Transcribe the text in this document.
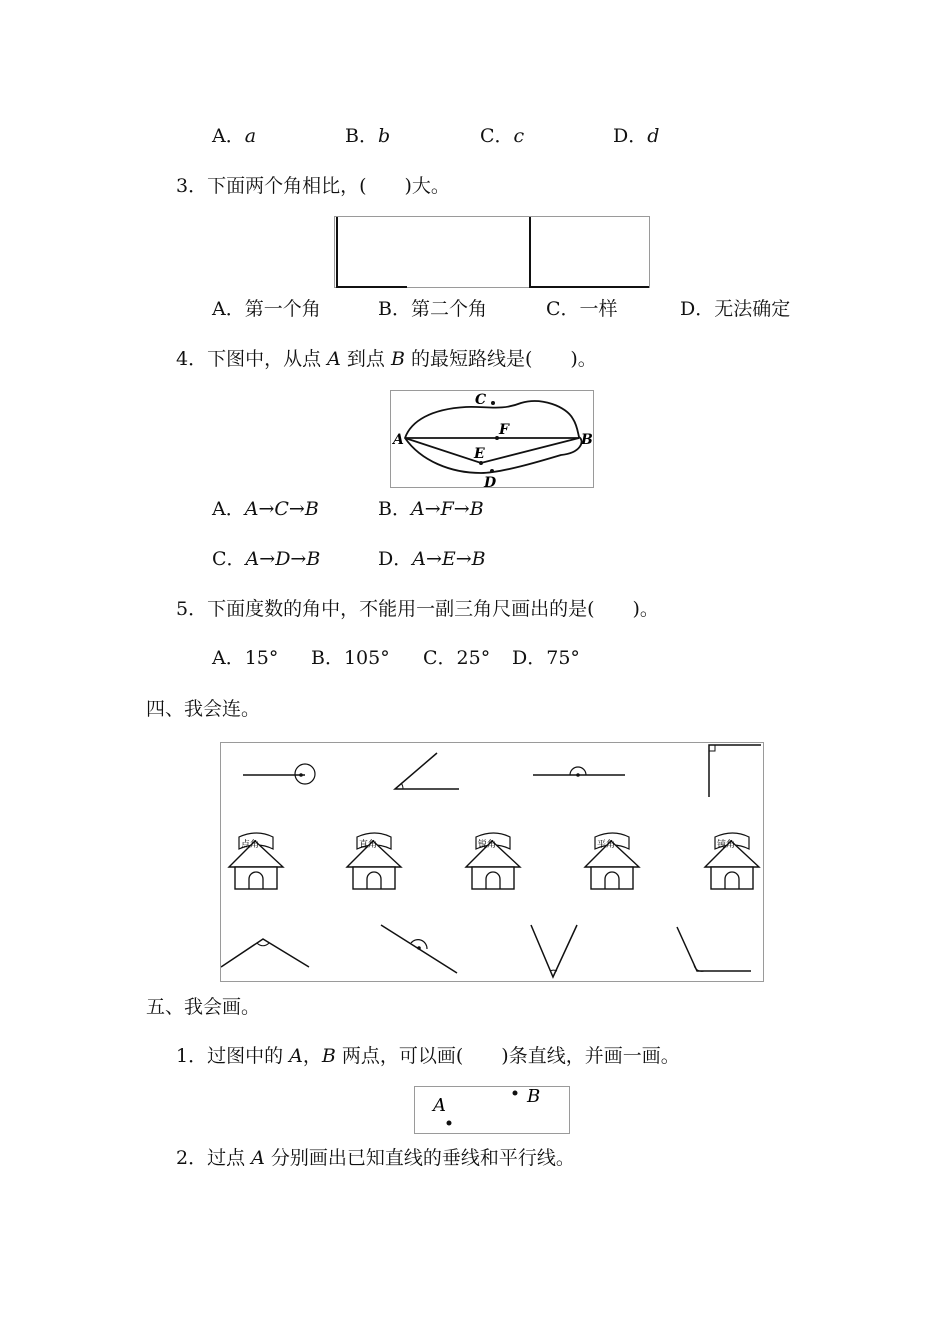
A．a	B．b	C．c	D．d
3．下面两个角相比，(　　)大。
A．第一个角	B．第二个角	C．一样	D．无法确定
4．下图中，从点 A 到点 B 的最短路线是(　　)。
A	B
C
D
E
F
A．A→C→B	B．A→F→B
C．A→D→B	D．A→E→B
5．下面度数的角中，不能用一副三角尺画出的是(　　)。
A．15° B．105° C．25° D．75°
四、我会连。
点角	直角	锐角	平角	钝角
五、我会画。
1．过图中的 A，B 两点，可以画(　　)条直线，并画一画。
A	B
2．过点 A 分别画出已知直线的垂线和平行线。
